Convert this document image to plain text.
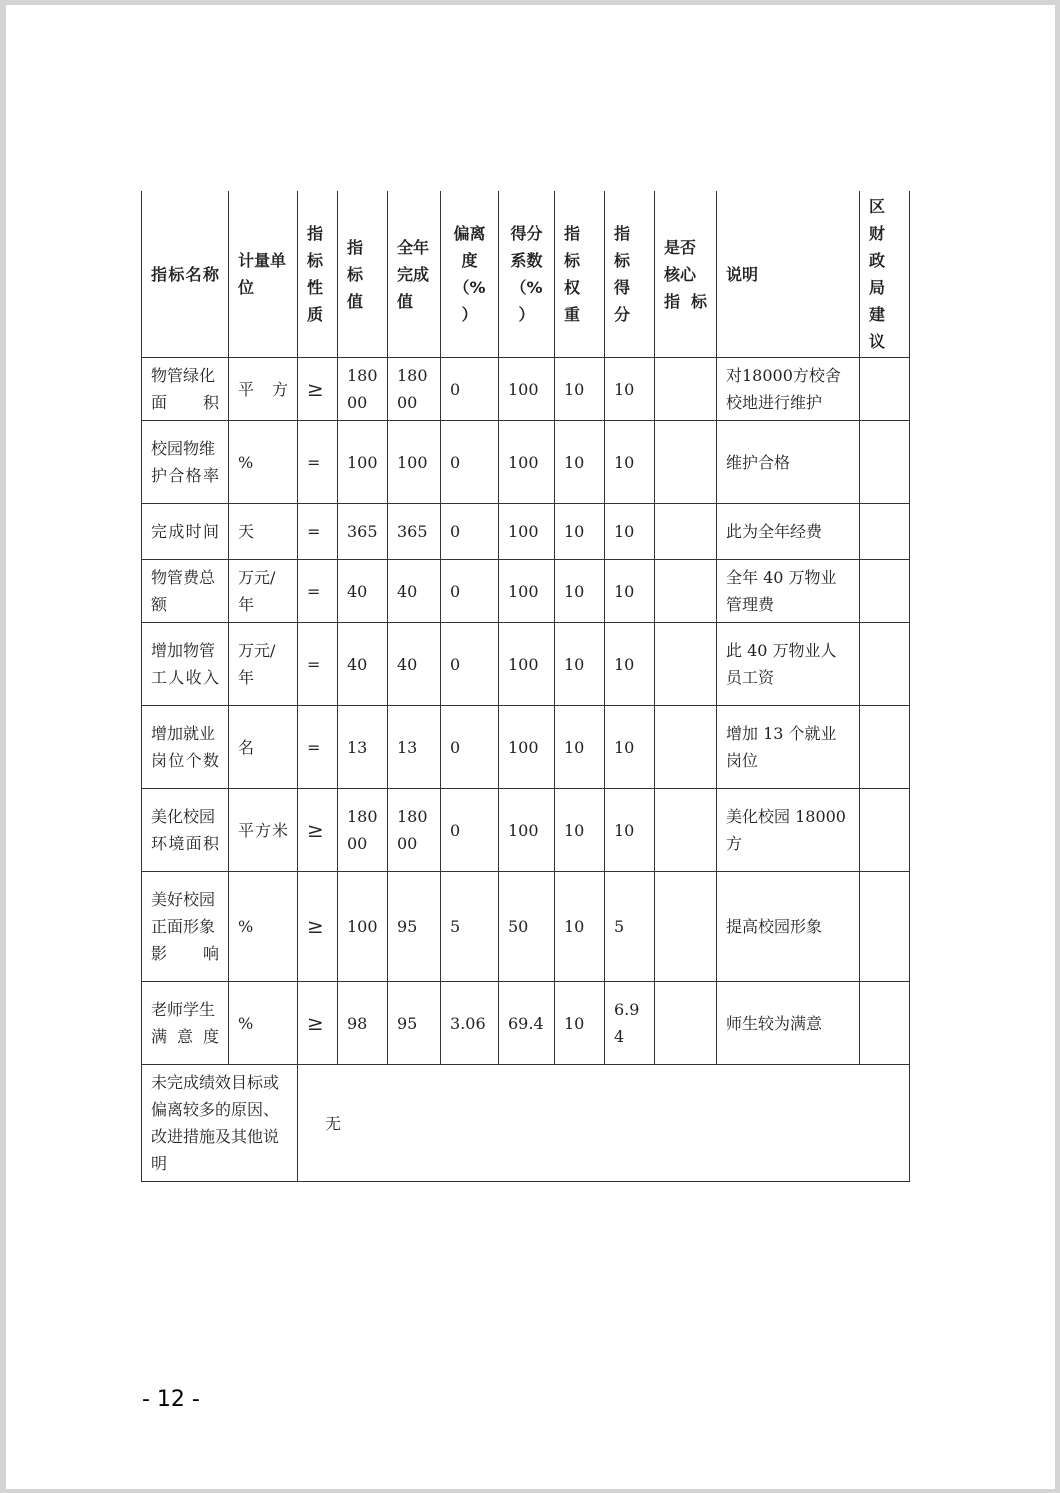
指标名称	计量单位	指标性质	指标值	全年完成值	偏离度（%）	得分系数（%）	指标权重	指标得分	是否核心指标	说明	区财政局建议
物管绿化面积	平方	≥	18000	18000	0	100	10	10		对18000方校舍校地进行维护	
校园物维护合格率	%	=	100	100	0	100	10	10		维护合格	
完成时间	天	=	365	365	0	100	10	10		此为全年经费	
物管费总额	万元/年	=	40	40	0	100	10	10		全年 40 万物业管理费	
增加物管工人收入	万元/年	=	40	40	0	100	10	10		此 40 万物业人员工资	
增加就业岗位个数	名	=	13	13	0	100	10	10		增加 13 个就业岗位	
美化校园环境面积	平方米	≥	18000	18000	0	100	10	10		美化校园 18000方	
美好校园正面形象影响	%	≥	100	95	5	50	10	5		提高校园形象	
老师学生满意度	%	≥	98	95	3.06	69.4	10	6.94		师生较为满意	
未完成绩效目标或偏离较多的原因、改进措施及其他说明		无									
- 12 -
